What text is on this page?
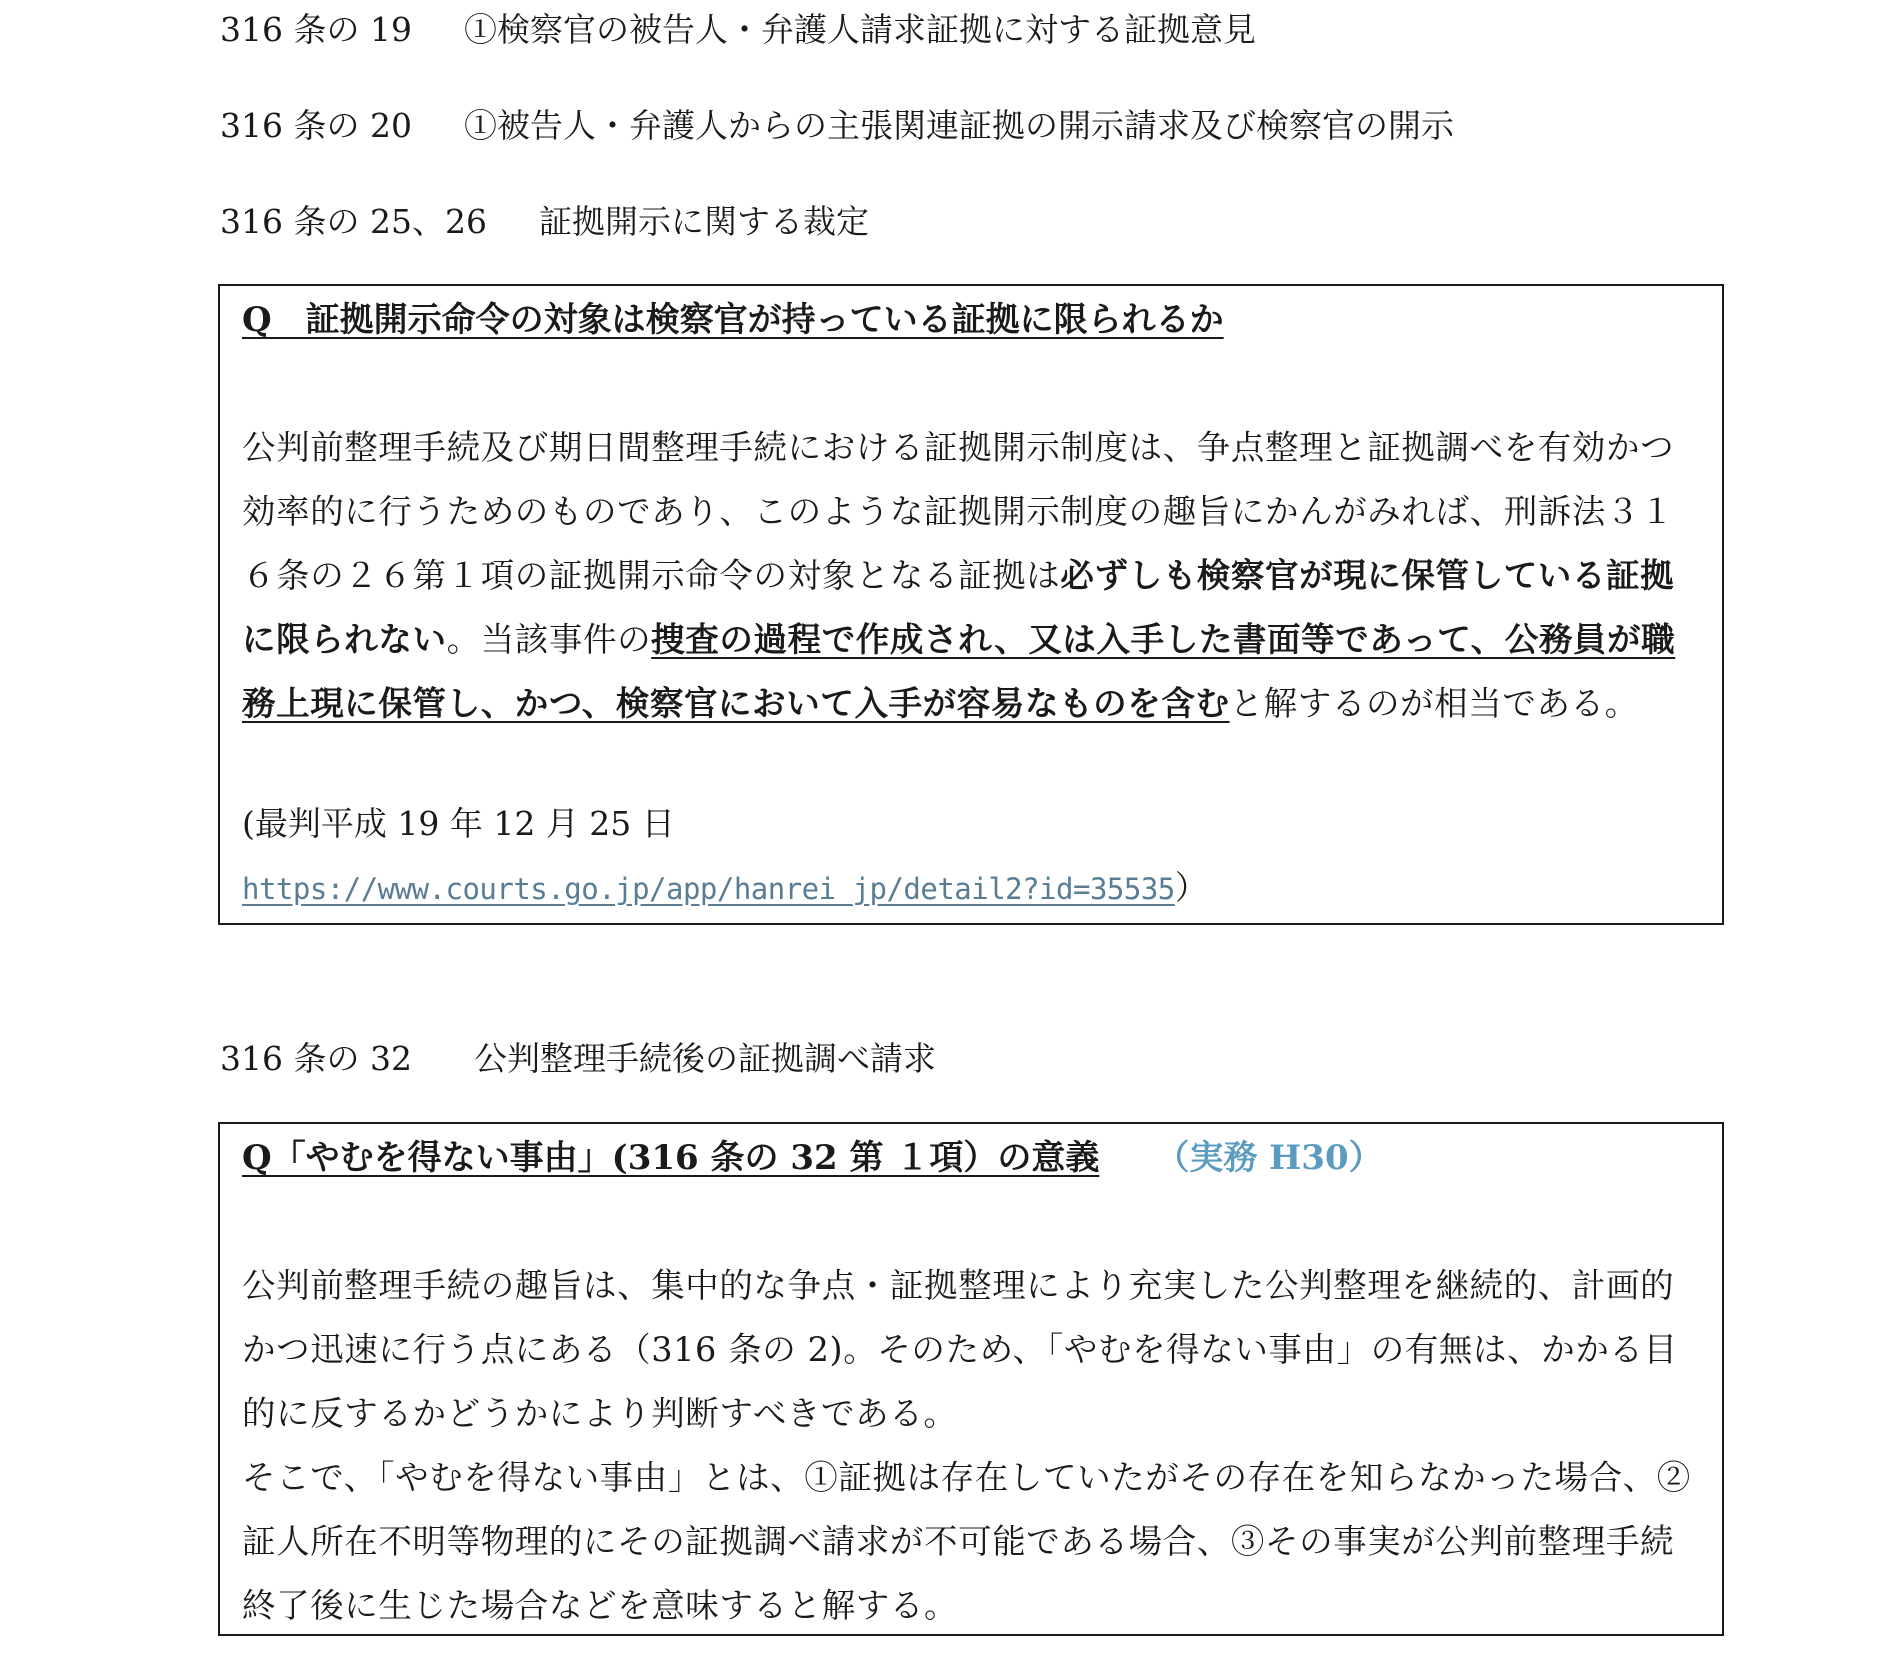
316 条の 19 ①検察官の被告人・弁護人請求証拠に対する証拠意見
316 条の 20 ①被告人・弁護人からの主張関連証拠の開示請求及び検察官の開示
316 条の 25、26 証拠開示に関する裁定
Q　証拠開示命令の対象は検察官が持っている証拠に限られるか
公判前整理手続及び期日間整理手続における証拠開示制度は、争点整理と証拠調べを有効かつ効率的に行うためのものであり、このような証拠開示制度の趣旨にかんがみれば、刑訴法３１６条の２６第１項の証拠開示命令の対象となる証拠は必ずしも検察官が現に保管している証拠に限られない。当該事件の捜査の過程で作成され、又は入手した書面等であって、公務員が職務上現に保管し、かつ、検察官において入手が容易なものを含むと解するのが相当である。
(最判平成 19 年 12 月 25 日
https://www.courts.go.jp/app/hanrei_jp/detail2?id=35535）
316 条の 32 公判整理手続後の証拠調べ請求
Q「やむを得ない事由」(316 条の 32 第 １項）の意義 （実務 H30）
公判前整理手続の趣旨は、集中的な争点・証拠整理により充実した公判整理を継続的、計画的かつ迅速に行う点にある（316 条の 2)。そのため、「やむを得ない事由」の有無は、かかる目的に反するかどうかにより判断すべきである。
そこで、「やむを得ない事由」とは、①証拠は存在していたがその存在を知らなかった場合、②証人所在不明等物理的にその証拠調べ請求が不可能である場合、③その事実が公判前整理手続終了後に生じた場合などを意味すると解する。
